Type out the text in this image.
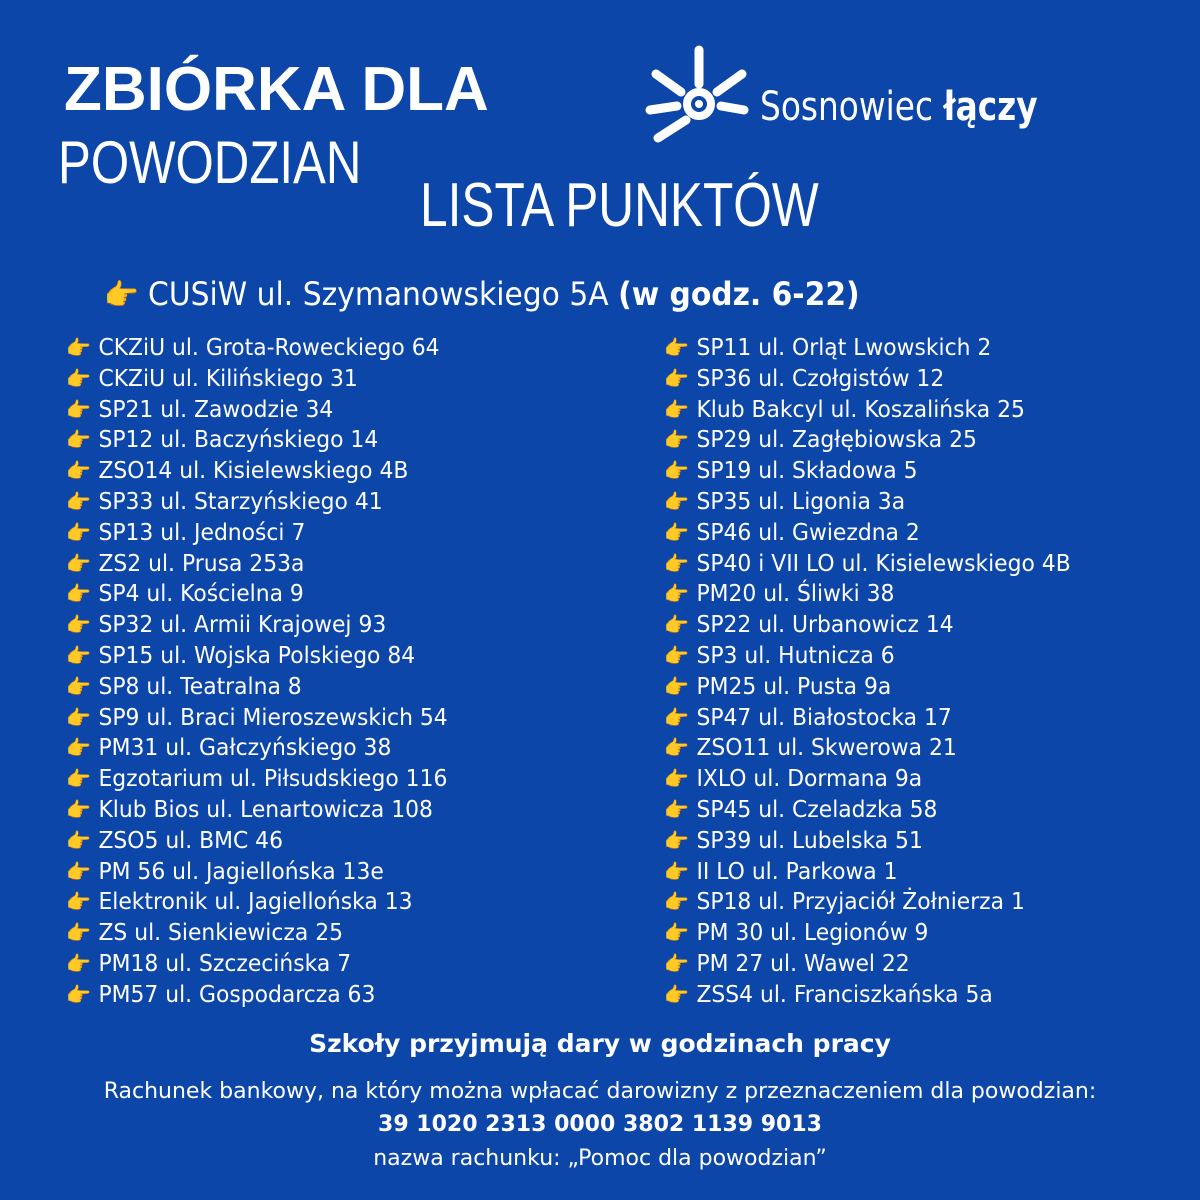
ZBIÓRKA DLA
POWODZIAN
Sosnowiec łączy
LISTA PUNKTÓW
👉 CUSiW ul. Szymanowskiego 5A (w godz. 6-22)
👉 CKZiU ul. Grota-Roweckiego 64
👉 CKZiU ul. Kilińskiego 31
👉 SP21 ul. Zawodzie 34
👉 SP12 ul. Baczyńskiego 14
👉 ZSO14 ul. Kisielewskiego 4B
👉 SP33 ul. Starzyńskiego 41
👉 SP13 ul. Jedności 7
👉 ZS2 ul. Prusa 253a
👉 SP4 ul. Kościelna 9
👉 SP32 ul. Armii Krajowej 93
👉 SP15 ul. Wojska Polskiego 84
👉 SP8 ul. Teatralna 8
👉 SP9 ul. Braci Mieroszewskich 54
👉 PM31 ul. Gałczyńskiego 38
👉 Egzotarium ul. Piłsudskiego 116
👉 Klub Bios ul. Lenartowicza 108
👉 ZSO5 ul. BMC 46
👉 PM 56 ul. Jagiellońska 13e
👉 Elektronik ul. Jagiellońska 13
👉 ZS ul. Sienkiewicza 25
👉 PM18 ul. Szczecińska 7
👉 PM57 ul. Gospodarcza 63
👉 SP11 ul. Orląt Lwowskich 2
👉 SP36 ul. Czołgistów 12
👉 Klub Bakcyl ul. Koszalińska 25
👉 SP29 ul. Zagłębiowska 25
👉 SP19 ul. Składowa 5
👉 SP35 ul. Ligonia 3a
👉 SP46 ul. Gwiezdna 2
👉 SP40 i VII LO ul. Kisielewskiego 4B
👉 PM20 ul. Śliwki 38
👉 SP22 ul. Urbanowicz 14
👉 SP3 ul. Hutnicza 6
👉 PM25 ul. Pusta 9a
👉 SP47 ul. Białostocka 17
👉 ZSO11 ul. Skwerowa 21
👉 IXLO ul. Dormana 9a
👉 SP45 ul. Czeladzka 58
👉 SP39 ul. Lubelska 51
👉 II LO ul. Parkowa 1
👉 SP18 ul. Przyjaciół Żołnierza 1
👉 PM 30 ul. Legionów 9
👉 PM 27 ul. Wawel 22
👉 ZSS4 ul. Franciszkańska 5a
Szkoły przyjmują dary w godzinach pracy
Rachunek bankowy, na który można wpłacać darowizny z przeznaczeniem dla powodzian:
39 1020 2313 0000 3802 1139 9013
nazwa rachunku: „Pomoc dla powodzian”
